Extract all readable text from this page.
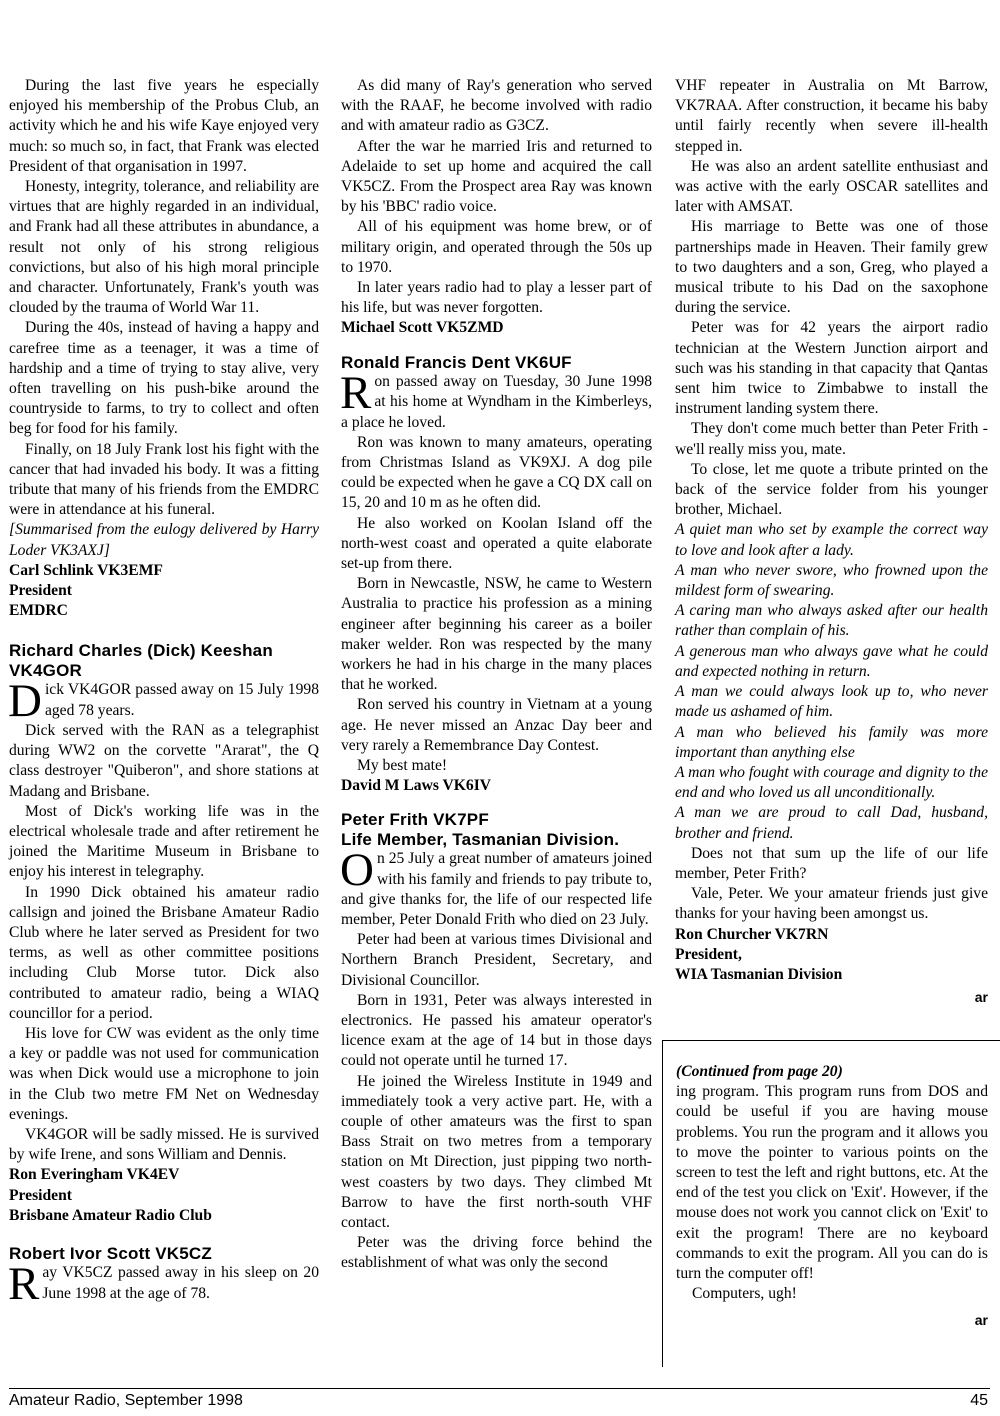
During the last five years he especially enjoyed his membership of the Probus Club, an activity which he and his wife Kaye enjoyed very much: so much so, in fact, that Frank was elected President of that organisation in 1997.

Honesty, integrity, tolerance, and reliability are virtues that are highly regarded in an individual, and Frank had all these attributes in abundance, a result not only of his strong religious convictions, but also of his high moral principle and character. Unfortunately, Frank's youth was clouded by the trauma of World War 11.

During the 40s, instead of having a happy and carefree time as a teenager, it was a time of hardship and a time of trying to stay alive, very often travelling on his push-bike around the countryside to farms, to try to collect and often beg for food for his family.

Finally, on 18 July Frank lost his fight with the cancer that had invaded his body. It was a fitting tribute that many of his friends from the EMDRC were in attendance at his funeral.

[Summarised from the eulogy delivered by Harry Loder VK3AXJ]

Carl Schlink VK3EMF

President

EMDRC

Richard Charles (Dick) Keeshan VK4GOR

Dick VK4GOR passed away on 15 July 1998 aged 78 years.

Dick served with the RAN as a telegraphist during WW2 on the corvette "Ararat", the Q class destroyer "Quiberon", and shore stations at Madang and Brisbane.

Most of Dick's working life was in the electrical wholesale trade and after retirement he joined the Maritime Museum in Brisbane to enjoy his interest in telegraphy.

In 1990 Dick obtained his amateur radio callsign and joined the Brisbane Amateur Radio Club where he later served as President for two terms, as well as other committee positions including Club Morse tutor. Dick also contributed to amateur radio, being a WIAQ councillor for a period.

His love for CW was evident as the only time a key or paddle was not used for communication was when Dick would use a microphone to join in the Club two metre FM Net on Wednesday evenings.

VK4GOR will be sadly missed. He is survived by wife Irene, and sons William and Dennis.

Ron Everingham VK4EV

President

Brisbane Amateur Radio Club

Robert Ivor Scott VK5CZ

Ray VK5CZ passed away in his sleep on 20 June 1998 at the age of 78.

As did many of Ray's generation who served with the RAAF, he become involved with radio and with amateur radio as G3CZ.

After the war he married Iris and returned to Adelaide to set up home and acquired the call VK5CZ. From the Prospect area Ray was known by his 'BBC' radio voice.

All of his equipment was home brew, or of military origin, and operated through the 50s up to 1970.

In later years radio had to play a lesser part of his life, but was never forgotten.

Michael Scott VK5ZMD

Ronald Francis Dent VK6UF

Ron passed away on Tuesday, 30 June 1998 at his home at Wyndham in the Kimberleys, a place he loved.

Ron was known to many amateurs, operating from Christmas Island as VK9XJ. A dog pile could be expected when he gave a CQ DX call on 15, 20 and 10 m as he often did.

He also worked on Koolan Island off the north-west coast and operated a quite elaborate set-up from there.

Born in Newcastle, NSW, he came to Western Australia to practice his profession as a mining engineer after beginning his career as a boiler maker welder. Ron was respected by the many workers he had in his charge in the many places that he worked.

Ron served his country in Vietnam at a young age. He never missed an Anzac Day beer and very rarely a Remembrance Day Contest.

My best mate!

David M Laws VK6IV

Peter Frith VK7PF
Life Member, Tasmanian Division.

On 25 July a great number of amateurs joined with his family and friends to pay tribute to, and give thanks for, the life of our respected life member, Peter Donald Frith who died on 23 July.

Peter had been at various times Divisional and Northern Branch President, Secretary, and Divisional Councillor.

Born in 1931, Peter was always interested in electronics. He passed his amateur operator's licence exam at the age of 14 but in those days could not operate until he turned 17.

He joined the Wireless Institute in 1949 and immediately took a very active part. He, with a couple of other amateurs was the first to span Bass Strait on two metres from a temporary station on Mt Direction, just pipping two north-west coasters by two days. They climbed Mt Barrow to have the first north-south VHF contact.

Peter was the driving force behind the establishment of what was only the second

VHF repeater in Australia on Mt Barrow, VK7RAA. After construction, it became his baby until fairly recently when severe ill-health stepped in.

He was also an ardent satellite enthusiast and was active with the early OSCAR satellites and later with AMSAT.

His marriage to Bette was one of those partnerships made in Heaven. Their family grew to two daughters and a son, Greg, who played a musical tribute to his Dad on the saxophone during the service.

Peter was for 42 years the airport radio technician at the Western Junction airport and such was his standing in that capacity that Qantas sent him twice to Zimbabwe to install the instrument landing system there.

They don't come much better than Peter Frith - we'll really miss you, mate.

To close, let me quote a tribute printed on the back of the service folder from his younger brother, Michael.

A quiet man who set by example the correct way to love and look after a lady.

A man who never swore, who frowned upon the mildest form of swearing.

A caring man who always asked after our health rather than complain of his.

A generous man who always gave what he could and expected nothing in return.

A man we could always look up to, who never made us ashamed of him.

A man who believed his family was more important than anything else

A man who fought with courage and dignity to the end and who loved us all unconditionally.

A man we are proud to call Dad, husband, brother and friend.

Does not that sum up the life of our life member, Peter Frith?

Vale, Peter. We your amateur friends just give thanks for your having been amongst us.

Ron Churcher VK7RN

President,

WIA Tasmanian Division

ar

(Continued from page 20)

ing program. This program runs from DOS and could be useful if you are having mouse problems. You run the program and it allows you to move the pointer to various points on the screen to test the left and right buttons, etc. At the end of the test you click on 'Exit'. However, if the mouse does not work you cannot click on 'Exit' to exit the program! There are no keyboard commands to exit the program. All you can do is turn the computer off!

Computers, ugh!

ar

Amateur Radio, September 1998	45
